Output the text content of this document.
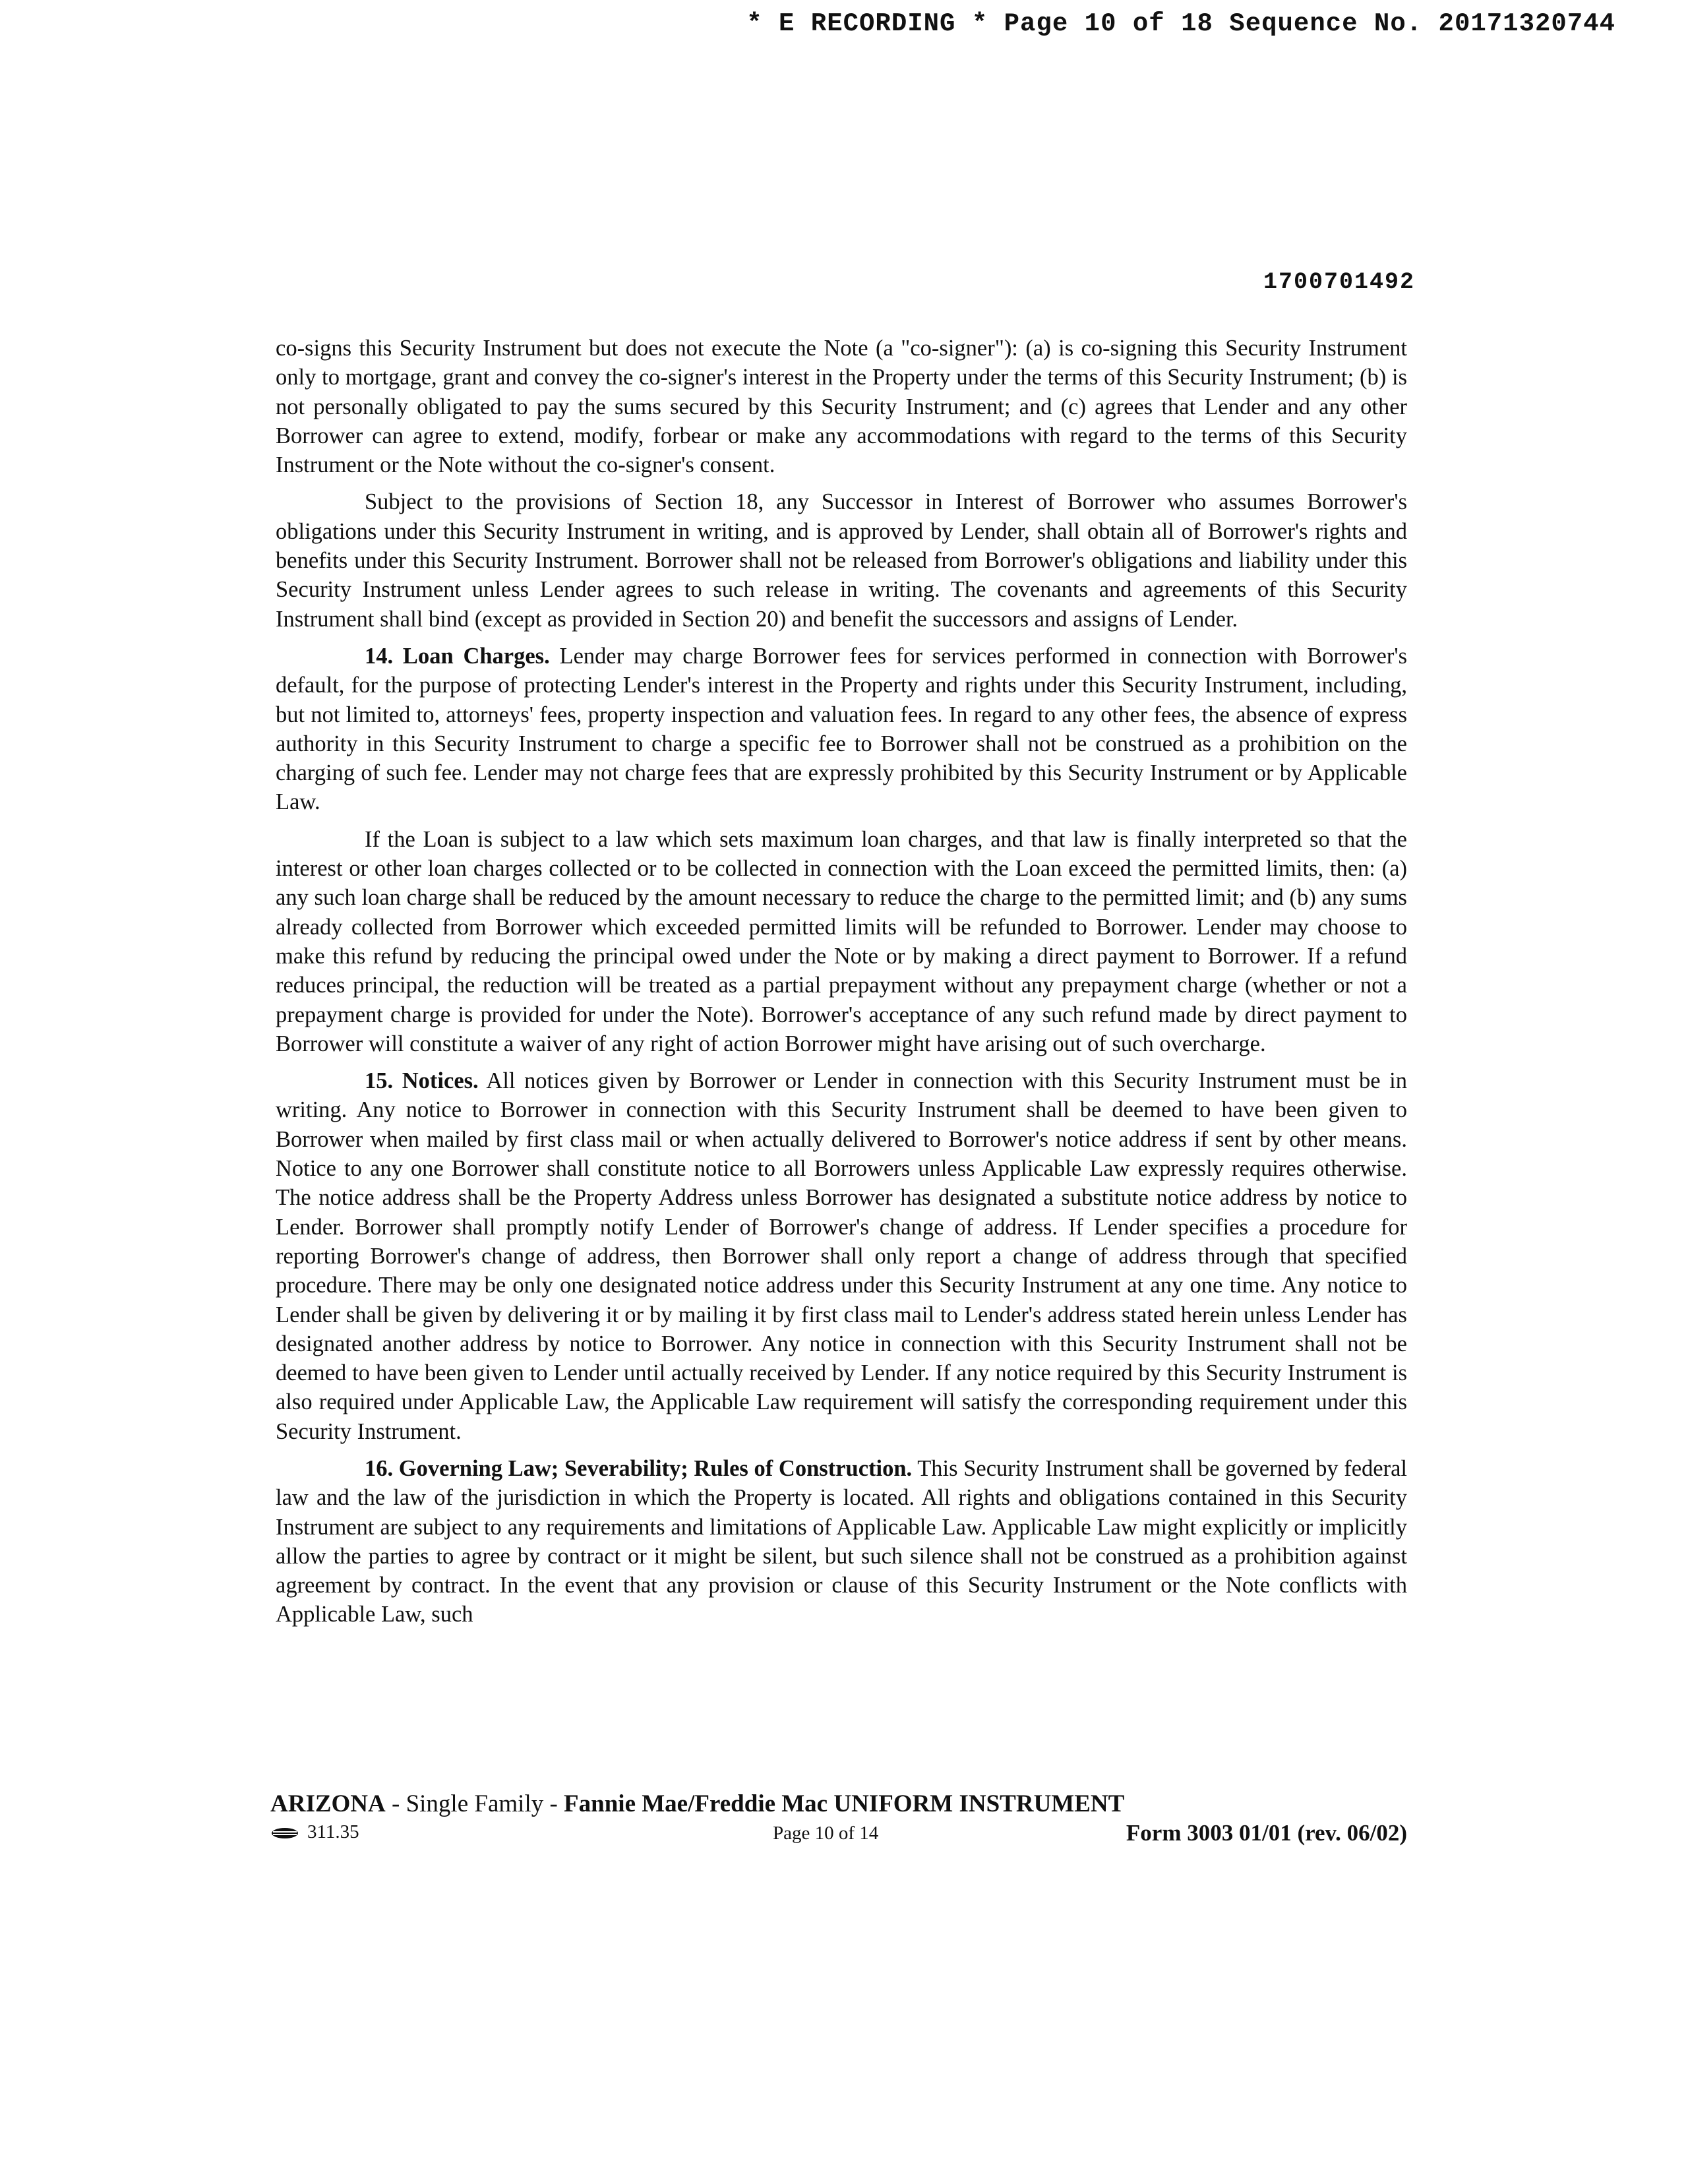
* E RECORDING * Page 10 of 18 Sequence No. 20171320744
1700701492

co-signs this Security Instrument but does not execute the Note (a "co-signer"): (a) is co-signing this Security Instrument only to mortgage, grant and convey the co-signer's interest in the Property under the terms of this Security Instrument; (b) is not personally obligated to pay the sums secured by this Security Instrument; and (c) agrees that Lender and any other Borrower can agree to extend, modify, forbear or make any accommodations with regard to the terms of this Security Instrument or the Note without the co-signer's consent.

Subject to the provisions of Section 18, any Successor in Interest of Borrower who assumes Borrower's obligations under this Security Instrument in writing, and is approved by Lender, shall obtain all of Borrower's rights and benefits under this Security Instrument. Borrower shall not be released from Borrower's obligations and liability under this Security Instrument unless Lender agrees to such release in writing. The covenants and agreements of this Security Instrument shall bind (except as provided in Section 20) and benefit the successors and assigns of Lender.

14. Loan Charges. Lender may charge Borrower fees for services performed in connection with Borrower's default, for the purpose of protecting Lender's interest in the Property and rights under this Security Instrument, including, but not limited to, attorneys' fees, property inspection and valuation fees. In regard to any other fees, the absence of express authority in this Security Instrument to charge a specific fee to Borrower shall not be construed as a prohibition on the charging of such fee. Lender may not charge fees that are expressly prohibited by this Security Instrument or by Applicable Law.

If the Loan is subject to a law which sets maximum loan charges, and that law is finally interpreted so that the interest or other loan charges collected or to be collected in connection with the Loan exceed the permitted limits, then: (a) any such loan charge shall be reduced by the amount necessary to reduce the charge to the permitted limit; and (b) any sums already collected from Borrower which exceeded permitted limits will be refunded to Borrower. Lender may choose to make this refund by reducing the principal owed under the Note or by making a direct payment to Borrower. If a refund reduces principal, the reduction will be treated as a partial prepayment without any prepayment charge (whether or not a prepayment charge is provided for under the Note). Borrower's acceptance of any such refund made by direct payment to Borrower will constitute a waiver of any right of action Borrower might have arising out of such overcharge.

15. Notices. All notices given by Borrower or Lender in connection with this Security Instrument must be in writing. Any notice to Borrower in connection with this Security Instrument shall be deemed to have been given to Borrower when mailed by first class mail or when actually delivered to Borrower's notice address if sent by other means. Notice to any one Borrower shall constitute notice to all Borrowers unless Applicable Law expressly requires otherwise. The notice address shall be the Property Address unless Borrower has designated a substitute notice address by notice to Lender. Borrower shall promptly notify Lender of Borrower's change of address. If Lender specifies a procedure for reporting Borrower's change of address, then Borrower shall only report a change of address through that specified procedure. There may be only one designated notice address under this Security Instrument at any one time. Any notice to Lender shall be given by delivering it or by mailing it by first class mail to Lender's address stated herein unless Lender has designated another address by notice to Borrower. Any notice in connection with this Security Instrument shall not be deemed to have been given to Lender until actually received by Lender. If any notice required by this Security Instrument is also required under Applicable Law, the Applicable Law requirement will satisfy the corresponding requirement under this Security Instrument.

16. Governing Law; Severability; Rules of Construction. This Security Instrument shall be governed by federal law and the law of the jurisdiction in which the Property is located. All rights and obligations contained in this Security Instrument are subject to any requirements and limitations of Applicable Law. Applicable Law might explicitly or implicitly allow the parties to agree by contract or it might be silent, but such silence shall not be construed as a prohibition against agreement by contract. In the event that any provision or clause of this Security Instrument or the Note conflicts with Applicable Law, such

ARIZONA - Single Family - Fannie Mae/Freddie Mac UNIFORM INSTRUMENT
311.35	Page 10 of 14	Form 3003 01/01 (rev. 06/02)
